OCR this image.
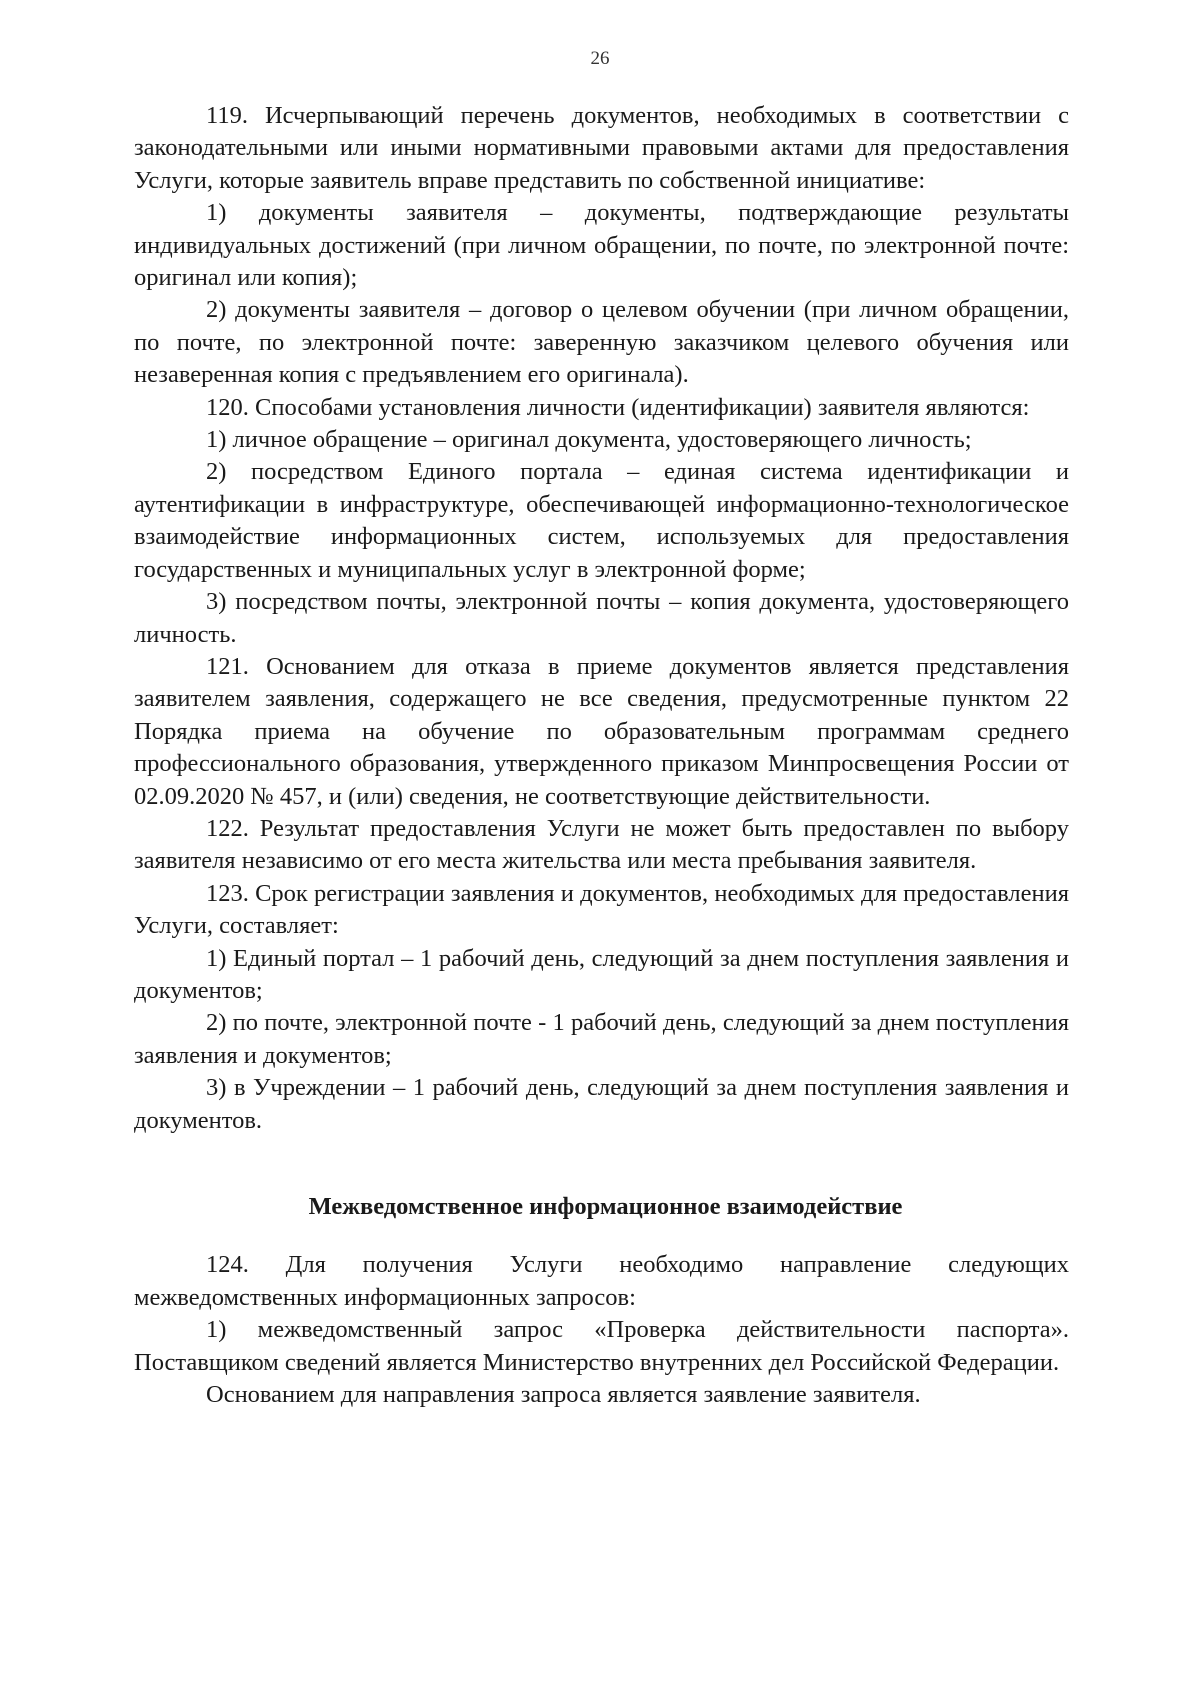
26

119. Исчерпывающий перечень документов, необходимых в соответствии с законодательными или иными нормативными правовыми актами для предоставления Услуги, которые заявитель вправе представить по собственной инициативе:

1) документы заявителя – документы, подтверждающие результаты индивидуальных достижений (при личном обращении, по почте, по электронной почте: оригинал или копия);

2) документы заявителя – договор о целевом обучении (при личном обращении, по почте, по электронной почте: заверенную заказчиком целевого обучения или незаверенная копия с предъявлением его оригинала).

120. Способами установления личности (идентификации) заявителя являются:

1) личное обращение – оригинал документа, удостоверяющего личность;

2) посредством Единого портала – единая система идентификации и аутентификации в инфраструктуре, обеспечивающей информационно-технологическое взаимодействие информационных систем, используемых для предоставления государственных и муниципальных услуг в электронной форме;

3) посредством почты, электронной почты – копия документа, удостоверяющего личность.

121. Основанием для отказа в приеме документов является представления заявителем заявления, содержащего не все сведения, предусмотренные пунктом 22 Порядка приема на обучение по образовательным программам среднего профессионального образования, утвержденного приказом Минпросвещения России от 02.09.2020 № 457, и (или) сведения, не соответствующие действительности.

122. Результат предоставления Услуги не может быть предоставлен по выбору заявителя независимо от его места жительства или места пребывания заявителя.

123. Срок регистрации заявления и документов, необходимых для предоставления Услуги, составляет:

1) Единый портал – 1 рабочий день, следующий за днем поступления заявления и документов;

2) по почте, электронной почте - 1 рабочий день, следующий за днем поступления заявления и документов;

3) в Учреждении – 1 рабочий день, следующий за днем поступления заявления и документов.

Межведомственное информационное взаимодействие

124. Для получения Услуги необходимо направление следующих межведомственных информационных запросов:

1) межведомственный запрос «Проверка действительности паспорта». Поставщиком сведений является Министерство внутренних дел Российской Федерации.

Основанием для направления запроса является заявление заявителя.
